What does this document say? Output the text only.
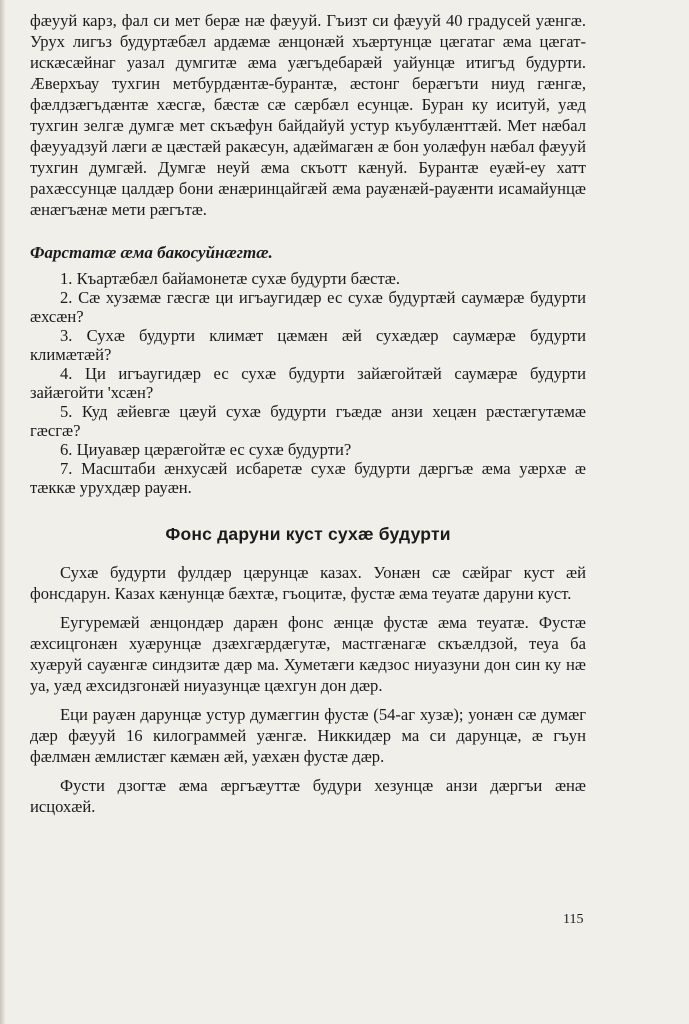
фæууй карз, фал си мет берæ нæ фæууй. Гъизт си фæууй 40 градусей уæнгæ. Урух лигъз будуртæбæл ардæмæ æнцонæй хъæртунцæ цæгатаг æма цæгат-искæсæйнаг уазал думгитæ æма уæгъдебарæй уайунцæ итигъд будурти. Æверхъау тухгин метбурдæнтæ-бурантæ, æстонг берæгъти ниуд гæнгæ, фæлдзæгъдæнтæ хæсгæ, бæстæ сæ сæрбæл есунцæ. Буран ку иситуй, уæд тухгин зелгæ думгæ мет скъæфун байдайуй устур къубулæнттæй. Мет нæбал фæууадзуй лæги æ цæстæй ракæсун, адæймагæн æ бон уолæфун нæбал фæууй тухгин думгæй. Думгæ неуй æма скъотт кæнуй. Бурантæ еуæй-еу хатт рахæссунцæ цалдæр бони æнæринцайгæй æма рауæнæй-рауæнти исамайунцæ æнæгъæнæ мети рæгътæ.

Фарстатæ æма бакосуйнæгтæ.
1. Къартæбæл байамонетæ сухæ будурти бæстæ.
2. Сæ хузæмæ гæсгæ ци игъаугидæр ес сухæ будуртæй саумæрæ будурти æхсæн?
3. Сухæ будурти климæт цæмæн æй сухæдæр саумæрæ будурти климæтæй?
4. Ци игъаугидæр ес сухæ будурти зайæгойтæй саумæрæ будурти зайæгойти 'хсæн?
5. Куд æйевгæ цæуй сухæ будурти гъæдæ анзи хецæн рæстæгутæмæ гæсгæ?
6. Циуавæр цæрæгойтæ ес сухæ будурти?
7. Масштаби æнхусæй исбаретæ сухæ будурти дæргъæ æма уæрхæ æ тæккæ урухдæр рауæн.
Фонс даруни куст сухæ будурти

Сухæ будурти фулдæр цæрунцæ казах. Уонæн сæ сæйраг куст æй фонсдарун. Казах кæнунцæ бæхтæ, гъоцитæ, фустæ æма теуатæ даруни куст.

Еугуремæй æнцондæр дарæн фонс æнцæ фустæ æма теуатæ. Фустæ æхсицгонæн хуæрунцæ дзæхгæрдæгутæ, мастгæнагæ скъæлдзой, теуа ба хуæруй сауæнгæ синдзитæ дæр ма. Хуметæги кæдзос ниуазуни дон син ку нæ уа, уæд æхсидзгонæй ниуазунцæ цæхгун дон дæр.

Еци рауæн дарунцæ устур думæггин фустæ (54-аг хузæ); уонæн сæ думæг дæр фæууй 16 килограммей уæнгæ. Никкидæр ма си дарунцæ, æ гъун фæлмæн æмлистæг кæмæн æй, уæхæн фустæ дæр.

Фусти дзогтæ æма æргъæуттæ будури хезунцæ анзи дæргъи æнæ исцохæй.

115
